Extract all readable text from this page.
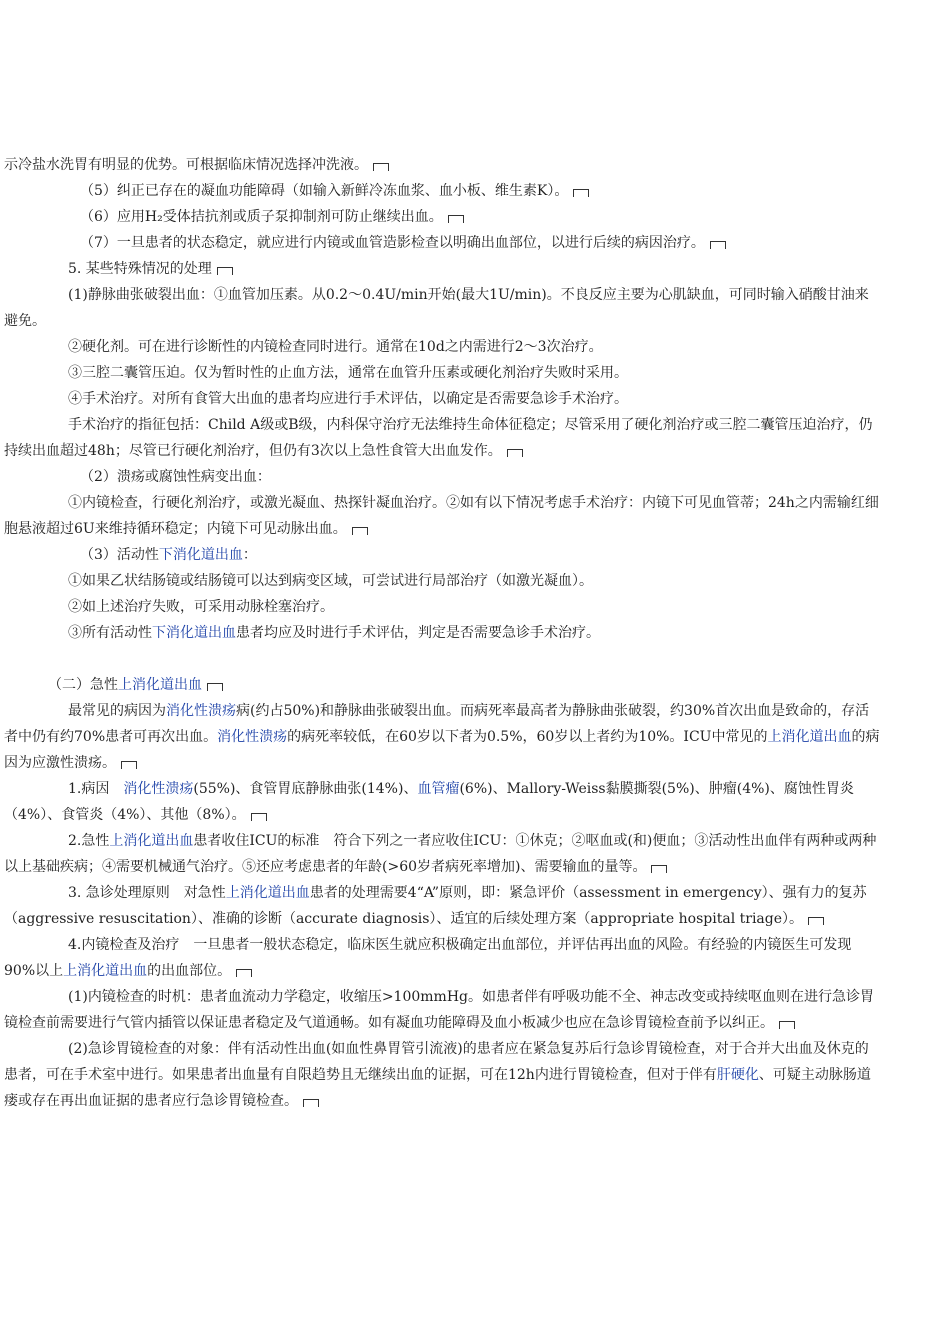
示冷盐水洗胃有明显的优势。可根据临床情况选择冲洗液。

（5）纠正已存在的凝血功能障碍（如输入新鲜冷冻血浆、血小板、维生素K）。

（6）应用H₂受体拮抗剂或质子泵抑制剂可防止继续出血。

（7）一旦患者的状态稳定，就应进行内镜或血管造影检查以明确出血部位，以进行后续的病因治疗。

5. 某些特殊情况的处理

(1)静脉曲张破裂出血：①血管加压素。从0.2～0.4U/min开始(最大1U/min)。不良反应主要为心肌缺血，可同时输入硝酸甘油来避免。

②硬化剂。可在进行诊断性的内镜检查同时进行。通常在10d之内需进行2～3次治疗。

③三腔二囊管压迫。仅为暂时性的止血方法，通常在血管升压素或硬化剂治疗失败时采用。

④手术治疗。对所有食管大出血的患者均应进行手术评估，以确定是否需要急诊手术治疗。

手术治疗的指征包括：Child A级或B级，内科保守治疗无法维持生命体征稳定；尽管采用了硬化剂治疗或三腔二囊管压迫治疗，仍持续出血超过48h；尽管已行硬化剂治疗，但仍有3次以上急性食管大出血发作。

（2）溃疡或腐蚀性病变出血：

①内镜检查，行硬化剂治疗，或激光凝血、热探针凝血治疗。②如有以下情况考虑手术治疗：内镜下可见血管蒂；24h之内需输红细胞悬液超过6U来维持循环稳定；内镜下可见动脉出血。

（3）活动性下消化道出血：

①如果乙状结肠镜或结肠镜可以达到病变区域，可尝试进行局部治疗（如激光凝血）。

②如上述治疗失败，可采用动脉栓塞治疗。

③所有活动性下消化道出血患者均应及时进行手术评估，判定是否需要急诊手术治疗。

（二）急性上消化道出血

最常见的病因为消化性溃疡病(约占50%)和静脉曲张破裂出血。而病死率最高者为静脉曲张破裂，约30%首次出血是致命的，存活者中仍有约70%患者可再次出血。消化性溃疡的病死率较低，在60岁以下者为0.5%，60岁以上者约为10%。ICU中常见的上消化道出血的病因为应激性溃疡。

1.病因　消化性溃疡(55%)、食管胃底静脉曲张(14%)、血管瘤(6%)、Mallory-Weiss黏膜撕裂(5%)、肿瘤(4%)、腐蚀性胃炎（4%）、食管炎（4%）、其他（8%）。

2.急性上消化道出血患者收住ICU的标准　符合下列之一者应收住ICU：①休克；②呕血或(和)便血；③活动性出血伴有两种或两种以上基础疾病；④需要机械通气治疗。⑤还应考虑患者的年龄(>60岁者病死率增加)、需要输血的量等。

3. 急诊处理原则　对急性上消化道出血患者的处理需要4“A”原则，即：紧急评价（assessment in emergency）、强有力的复苏（aggressive resuscitation）、准确的诊断（accurate diagnosis）、适宜的后续处理方案（appropriate hospital triage）。

4.内镜检查及治疗　一旦患者一般状态稳定，临床医生就应积极确定出血部位，并评估再出血的风险。有经验的内镜医生可发现90%以上上消化道出血的出血部位。

(1)内镜检查的时机：患者血流动力学稳定，收缩压>100mmHg。如患者伴有呼吸功能不全、神志改变或持续呕血则在进行急诊胃镜检查前需要进行气管内插管以保证患者稳定及气道通畅。如有凝血功能障碍及血小板减少也应在急诊胃镜检查前予以纠正。

(2)急诊胃镜检查的对象：伴有活动性出血(如血性鼻胃管引流液)的患者应在紧急复苏后行急诊胃镜检查，对于合并大出血及休克的患者，可在手术室中进行。如果患者出血量有自限趋势且无继续出血的证据，可在12h内进行胃镜检查，但对于伴有肝硬化、可疑主动脉肠道瘘或存在再出血证据的患者应行急诊胃镜检查。
